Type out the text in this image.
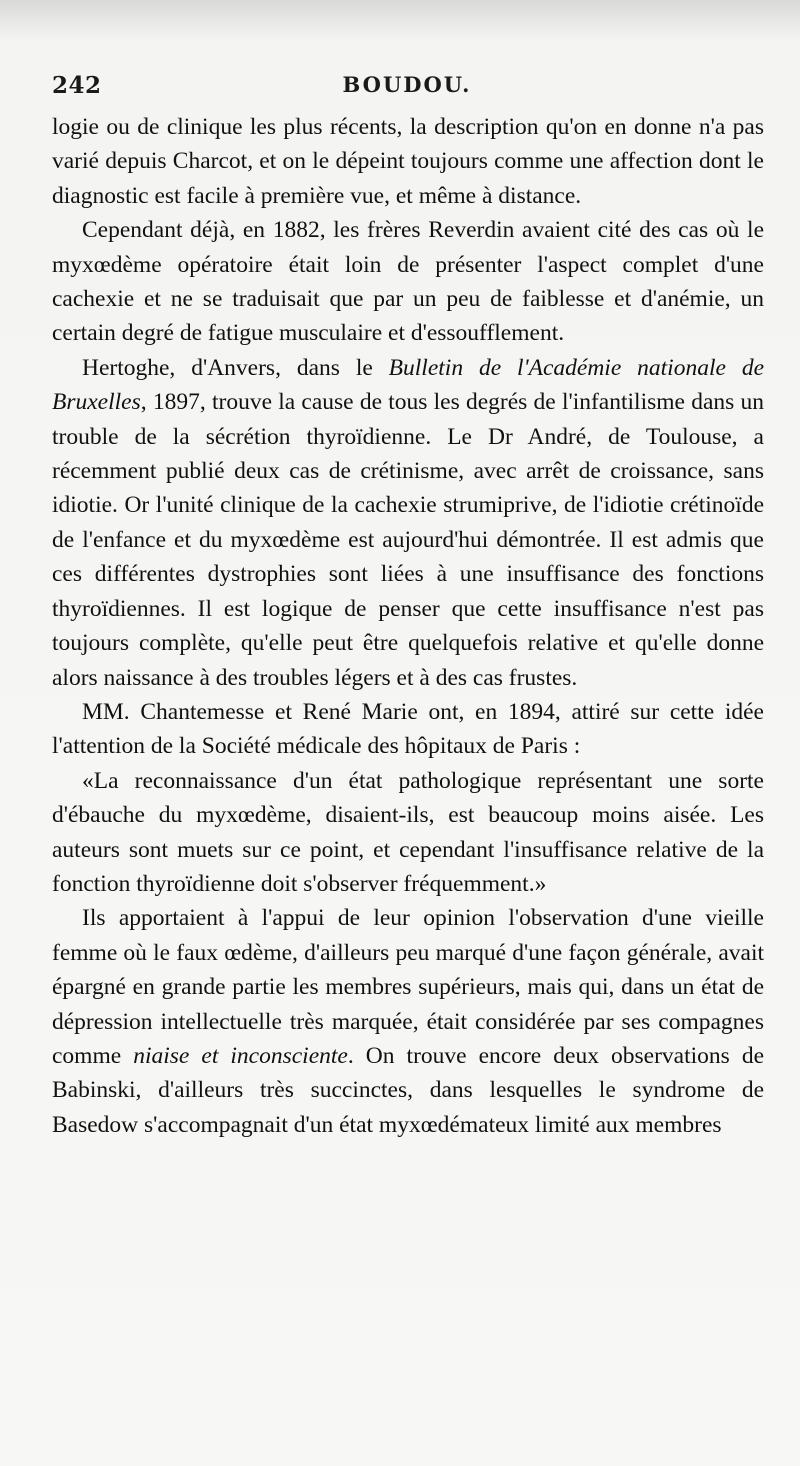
242	BOUDOU.

logie ou de clinique les plus récents, la description qu'on en donne n'a pas varié depuis Charcot, et on le dépeint toujours comme une affection dont le diagnostic est facile à première vue, et même à distance.

Cependant déjà, en 1882, les frères Reverdin avaient cité des cas où le myxœdème opératoire était loin de présenter l'aspect complet d'une cachexie et ne se traduisait que par un peu de faiblesse et d'anémie, un certain degré de fatigue musculaire et d'essoufflement.

Hertoghe, d'Anvers, dans le Bulletin de l'Académie nationale de Bruxelles, 1897, trouve la cause de tous les degrés de l'infantilisme dans un trouble de la sécrétion thyroïdienne. Le Dr André, de Toulouse, a récemment publié deux cas de crétinisme, avec arrêt de croissance, sans idiotie. Or l'unité clinique de la cachexie strumiprive, de l'idiotie crétinoïde de l'enfance et du myxœdème est aujourd'hui démontrée. Il est admis que ces différentes dystrophies sont liées à une insuffisance des fonctions thyroïdiennes. Il est logique de penser que cette insuffisance n'est pas toujours complète, qu'elle peut être quelquefois relative et qu'elle donne alors naissance à des troubles légers et à des cas frustes.

MM. Chantemesse et René Marie ont, en 1894, attiré sur cette idée l'attention de la Société médicale des hôpitaux de Paris :

«La reconnaissance d'un état pathologique représentant une sorte d'ébauche du myxœdème, disaient-ils, est beaucoup moins aisée. Les auteurs sont muets sur ce point, et cependant l'insuffisance relative de la fonction thyroïdienne doit s'observer fréquemment.»

Ils apportaient à l'appui de leur opinion l'observation d'une vieille femme où le faux œdème, d'ailleurs peu marqué d'une façon générale, avait épargné en grande partie les membres supérieurs, mais qui, dans un état de dépression intellectuelle très marquée, était considérée par ses compagnes comme niaise et inconsciente. On trouve encore deux observations de Babinski, d'ailleurs très succinctes, dans lesquelles le syndrome de Basedow s'accompagnait d'un état myxœdémateux limité aux membres
